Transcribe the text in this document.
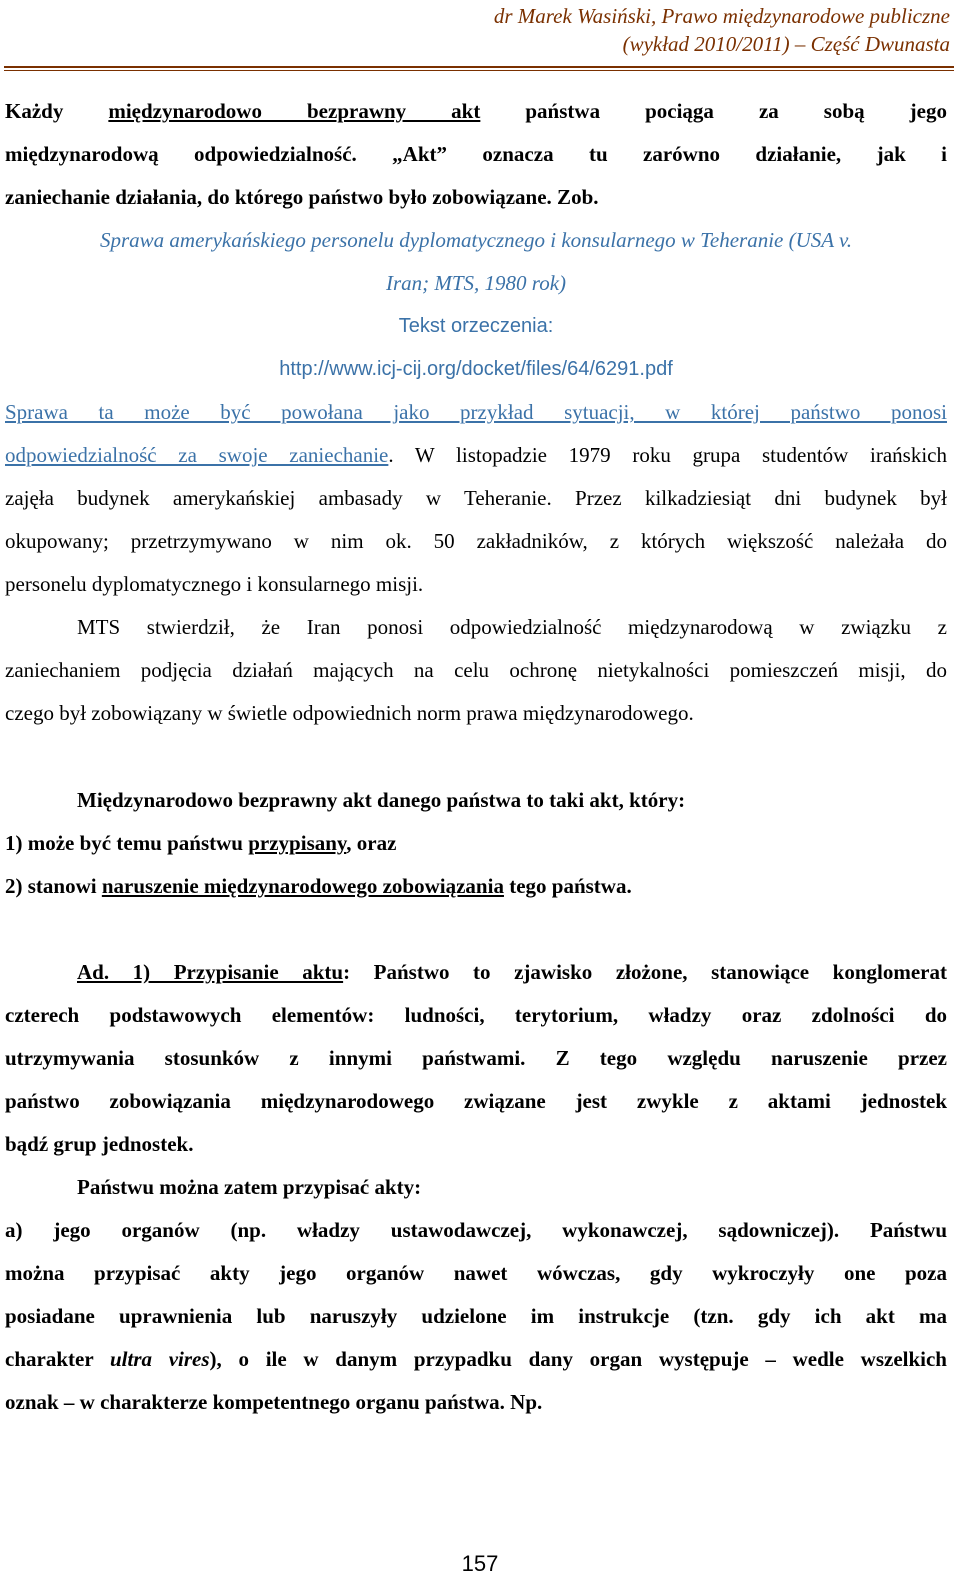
dr Marek Wasiński, Prawo międzynarodowe publiczne
(wykład 2010/2011) – Część Dwunasta
Każdy międzynarodowo bezprawny akt państwa pociąga za sobą jego
międzynarodową odpowiedzialność. „Akt” oznacza tu zarówno działanie, jak i
zaniechanie działania, do którego państwo było zobowiązane. Zob.
Sprawa amerykańskiego personelu dyplomatycznego i konsularnego w Teheranie (USA v.
Iran; MTS, 1980 rok)
Tekst orzeczenia:
http://www.icj-cij.org/docket/files/64/6291.pdf
Sprawa ta może być powołana jako przykład sytuacji, w której państwo ponosi
odpowiedzialność za swoje zaniechanie. W listopadzie 1979 roku grupa studentów irańskich
zajęła budynek amerykańskiej ambasady w Teheranie. Przez kilkadziesiąt dni budynek był
okupowany; przetrzymywano w nim ok. 50 zakładników, z których większość należała do
personelu dyplomatycznego i konsularnego misji.
MTS stwierdził, że Iran ponosi odpowiedzialność międzynarodową w związku z
zaniechaniem podjęcia działań mających na celu ochronę nietykalności pomieszczeń misji, do
czego był zobowiązany w świetle odpowiednich norm prawa międzynarodowego.
Międzynarodowo bezprawny akt danego państwa to taki akt, który:
1) może być temu państwu przypisany, oraz
2) stanowi naruszenie międzynarodowego zobowiązania tego państwa.
Ad. 1) Przypisanie aktu: Państwo to zjawisko złożone, stanowiące konglomerat
czterech podstawowych elementów: ludności, terytorium, władzy oraz zdolności do
utrzymywania stosunków z innymi państwami. Z tego względu naruszenie przez
państwo zobowiązania międzynarodowego związane jest zwykle z aktami jednostek
bądź grup jednostek.
Państwu można zatem przypisać akty:
a) jego organów (np. władzy ustawodawczej, wykonawczej, sądowniczej). Państwu
można przypisać akty jego organów nawet wówczas, gdy wykroczyły one poza
posiadane uprawnienia lub naruszyły udzielone im instrukcje (tzn. gdy ich akt ma
charakter ultra vires), o ile w danym przypadku dany organ występuje – wedle wszelkich
oznak – w charakterze kompetentnego organu państwa. Np.
157
